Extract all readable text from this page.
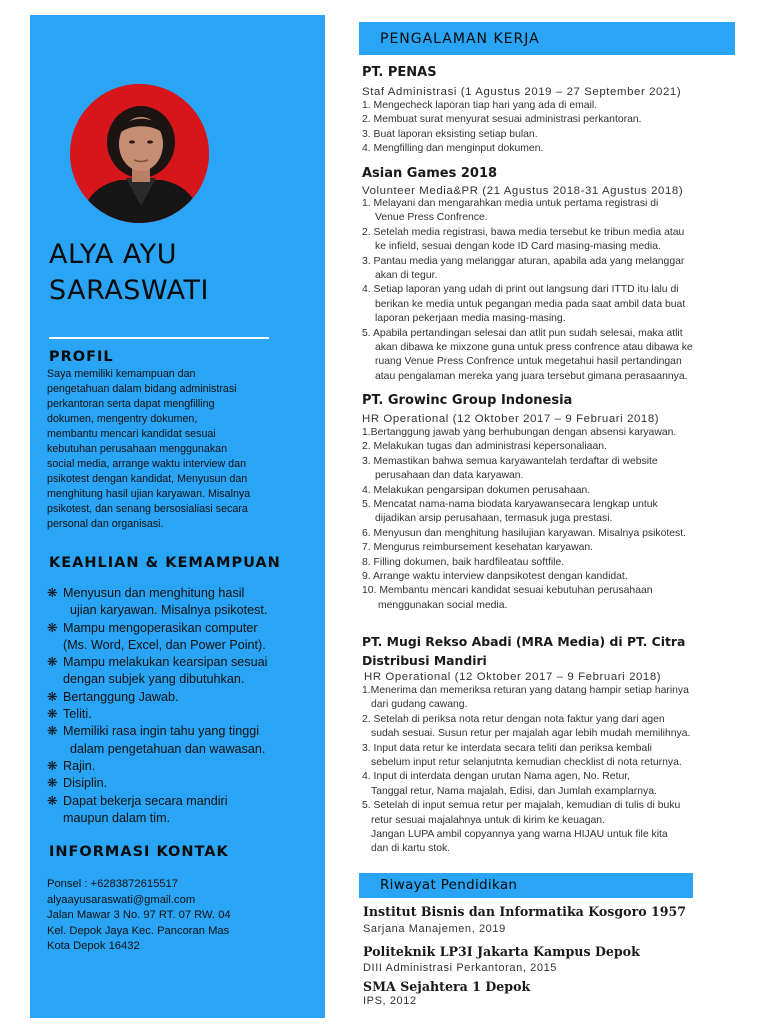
ALYA AYU
SARASWATI
PROFIL
Saya memiliki kemampuan dan
pengetahuan dalam bidang administrasi
perkantoran serta dapat mengfilling
dokumen, mengentry dokumen,
membantu mencari kandidat sesuai
kebutuhan perusahaan menggunakan
social media, arrange waktu interview dan
psikotest dengan kandidat, Menyusun dan
menghitung hasil ujian karyawan. Misalnya
psikotest, dan senang bersosialiasi secara
personal dan organisasi.
KEAHLIAN & KEMAMPUAN
❋ Menyusun dan menghitung hasil
ujian karyawan. Misalnya psikotest.
❋ Mampu mengoperasikan computer
(Ms. Word, Excel, dan Power Point).
❋ Mampu melakukan kearsipan sesuai
dengan subjek yang dibutuhkan.
❋ Bertanggung Jawab.
❋ Teliti.
❋ Memiliki rasa ingin tahu yang tinggi
dalam pengetahuan dan wawasan.
❋ Rajin.
❋ Disiplin.
❋ Dapat bekerja secara mandiri
maupun dalam tim.
INFORMASI KONTAK
Ponsel : +6283872615517
alyaayusaraswati@gmail.com
Jalan Mawar 3 No. 97 RT. 07 RW. 04
Kel. Depok Jaya Kec. Pancoran Mas
Kota Depok 16432
PENGALAMAN KERJA
PT. PENAS
Staf Administrasi (1 Agustus 2019 – 27 September 2021)
1. Mengecheck laporan tiap hari yang ada di email.
2. Membuat surat menyurat sesuai administrasi perkantoran.
3. Buat laporan eksisting setiap bulan.
4. Mengfilling dan menginput dokumen.
Asian Games 2018
Volunteer Media&PR (21 Agustus 2018-31 Agustus 2018)
1. Melayani dan mengarahkan media untuk pertama registrasi di
Venue Press Confrence.
2. Setelah media registrasi, bawa media tersebut ke tribun media atau
ke infield, sesuai dengan kode ID Card masing-masing media.
3. Pantau media yang melanggar aturan, apabila ada yang melanggar
akan di tegur.
4. Setiap laporan yang udah di print out langsung dari ITTD itu lalu di
berikan ke media untuk pegangan media pada saat ambil data buat
laporan pekerjaan media masing-masing.
5. Apabila pertandingan selesai dan atlit pun sudah selesai, maka atlit
akan dibawa ke mixzone guna untuk press confrence atau dibawa ke
ruang Venue Press Confrence untuk megetahui hasil pertandingan
atau pengalaman mereka yang juara tersebut gimana perasaannya.
PT. Growinc Group Indonesia
HR Operational (12 Oktober 2017 – 9 Februari 2018)
1.Bertanggung jawab yang berhubungan dengan absensi karyawan.
2. Melakukan tugas dan administrasi kepersonaliaan.
3. Memastikan bahwa semua karyawantelah terdaftar di website
perusahaan dan data karyawan.
4. Melakukan pengarsipan dokumen perusahaan.
5. Mencatat nama-nama biodata karyawansecara lengkap untuk
dijadikan arsip perusahaan, termasuk juga prestasi.
6. Menyusun dan menghitung hasilujian karyawan. Misalnya psikotest.
7. Mengurus reimbursement kesehatan karyawan.
8. Filling dokumen, baik hardfileatau softfile.
9. Arrange waktu interview danpsikotest dengan kandidat.
10. Membantu mencari kandidat sesuai kebutuhan perusahaan
menggunakan social media.
PT. Mugi Rekso Abadi (MRA Media) di PT. Citra
Distribusi Mandiri
HR Operational (12 Oktober 2017 – 9 Februari 2018)
1.Menerima dan memeriksa returan yang datang hampir setiap harinya
dari gudang cawang.
2. Setelah di periksa nota retur dengan nota faktur yang dari agen
sudah sesuai. Susun retur per majalah agar lebih mudah memilihnya.
3. Input data retur ke interdata secara teliti dan periksa kembali
sebelum input retur selanjutnta kemudian checklist di nota returnya.
4. Input di interdata dengan urutan Nama agen, No. Retur,
Tanggal retur, Nama majalah, Edisi, dan Jumlah examplarnya.
5. Setelah di input semua retur per majalah, kemudian di tulis di buku
retur sesuai majalahnya untuk di kirim ke keuagan.
Jangan LUPA ambil copyannya yang warna HIJAU untuk file kita
dan di kartu stok.
Riwayat Pendidikan
Institut Bisnis dan Informatika Kosgoro 1957
Sarjana Manajemen, 2019
Politeknik LP3I Jakarta Kampus Depok
DIII Administrasi Perkantoran, 2015
SMA Sejahtera 1 Depok
IPS, 2012
